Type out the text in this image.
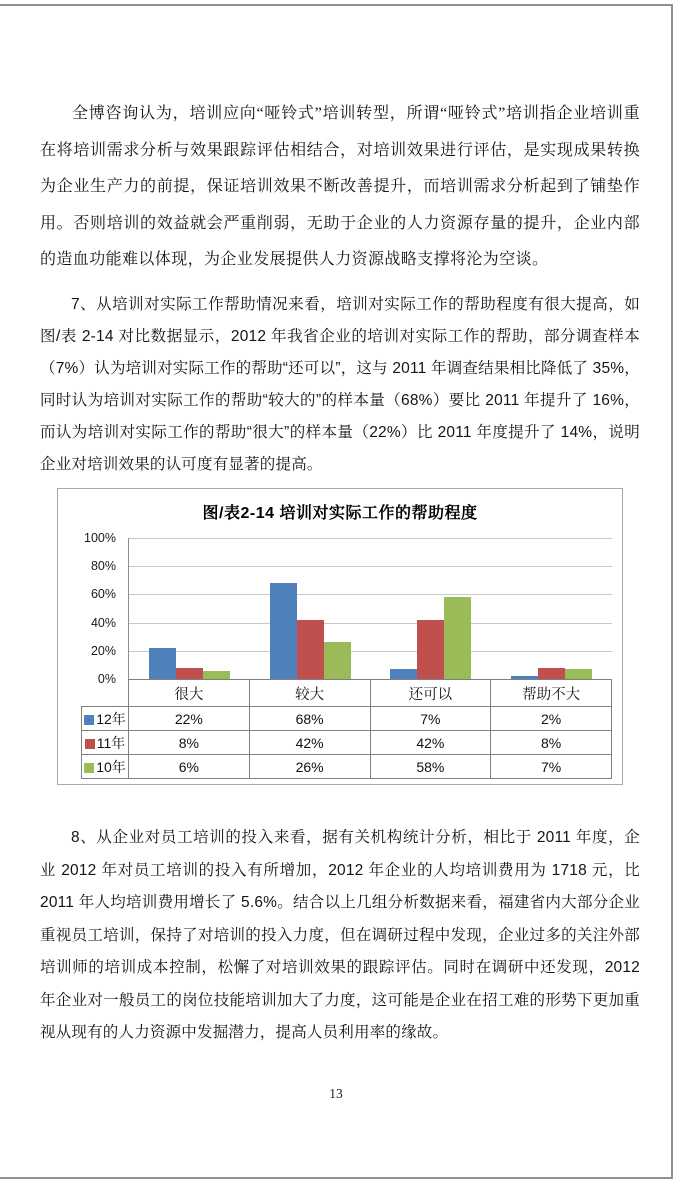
全博咨询认为，培训应向“哑铃式”培训转型，所谓“哑铃式”培训指企业培训重在将培训需求分析与效果跟踪评估相结合，对培训效果进行评估，是实现成果转换为企业生产力的前提，保证培训效果不断改善提升，而培训需求分析起到了铺垫作用。否则培训的效益就会严重削弱，无助于企业的人力资源存量的提升，企业内部的造血功能难以体现，为企业发展提供人力资源战略支撑将沦为空谈。

7、从培训对实际工作帮助情况来看，培训对实际工作的帮助程度有很大提高，如图/表 2-14 对比数据显示，2012 年我省企业的培训对实际工作的帮助，部分调查样本（7%）认为培训对实际工作的帮助“还可以”，这与 2011 年调查结果相比降低了 35%，同时认为培训对实际工作的帮助“较大的”的样本量（68%）要比 2011 年提升了 16%，而认为培训对实际工作的帮助“很大”的样本量（22%）比 2011 年度提升了 14%，说明企业对培训效果的认可度有显著的提高。

图/表2-14 培训对实际工作的帮助程度
100%
80%
60%
40%
20%
0%
	很大	较大	还可以	帮助不大
12年	22%	68%	7%	2%
11年	8%	42%	42%	8%
10年	6%	26%	58%	7%

8、从企业对员工培训的投入来看，据有关机构统计分析，相比于 2011 年度，企业 2012 年对员工培训的投入有所增加，2012 年企业的人均培训费用为 1718 元，比 2011 年人均培训费用增长了 5.6%。结合以上几组分析数据来看，福建省内大部分企业重视员工培训，保持了对培训的投入力度，但在调研过程中发现，企业过多的关注外部培训师的培训成本控制，松懈了对培训效果的跟踪评估。同时在调研中还发现，2012 年企业对一般员工的岗位技能培训加大了力度，这可能是企业在招工难的形势下更加重视从现有的人力资源中发掘潜力，提高人员利用率的缘故。

13
